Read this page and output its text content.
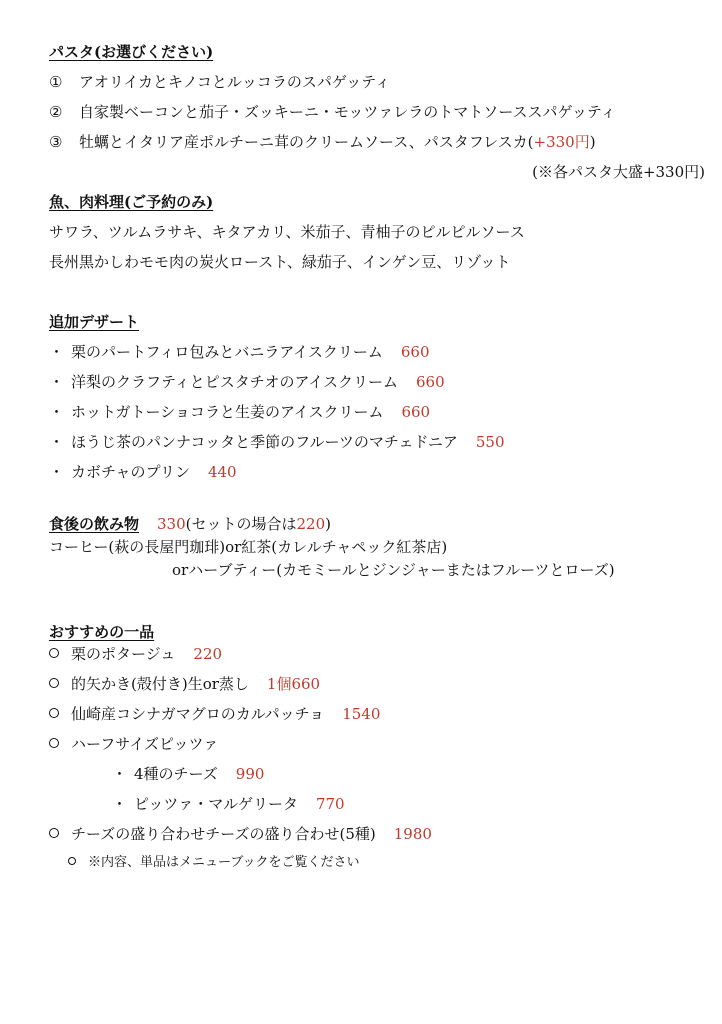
パスタ(お選びください)
① アオリイカとキノコとルッコラのスパゲッティ
② 自家製ベーコンと茄子・ズッキーニ・モッツァレラのトマトソーススパゲッティ
③ 牡蠣とイタリア産ポルチーニ茸のクリームソース、パスタフレスカ(+330円)
(※各パスタ大盛+330円)
魚、肉料理(ご予約のみ)
サワラ、ツルムラサキ、キタアカリ、米茄子、青柚子のピルピルソース
長州黒かしわモモ肉の炭火ロースト、緑茄子、インゲン豆、リゾット
追加デザート
・ 栗のパートフィロ包みとバニラアイスクリーム 660
・ 洋梨のクラフティとピスタチオのアイスクリーム 660
・ ホットガトーショコラと生姜のアイスクリーム 660
・ ほうじ茶のパンナコッタと季節のフルーツのマチェドニア 550
・ カボチャのプリン 440
食後の飲み物 330(セットの場合は220)
コーヒー(萩の長屋門珈琲)or紅茶(カレルチャペック紅茶店)
orハーブティー(カモミールとジンジャーまたはフルーツとローズ)
おすすめの一品
栗のポタージュ 220
的矢かき(殻付き)生or蒸し 1個660
仙崎産コシナガマグロのカルパッチョ 1540
ハーフサイズピッツァ
・ 4種のチーズ 990
・ ピッツァ・マルゲリータ 770
チーズの盛り合わせチーズの盛り合わせ(5種) 1980
※内容、単品はメニューブックをご覧ください
